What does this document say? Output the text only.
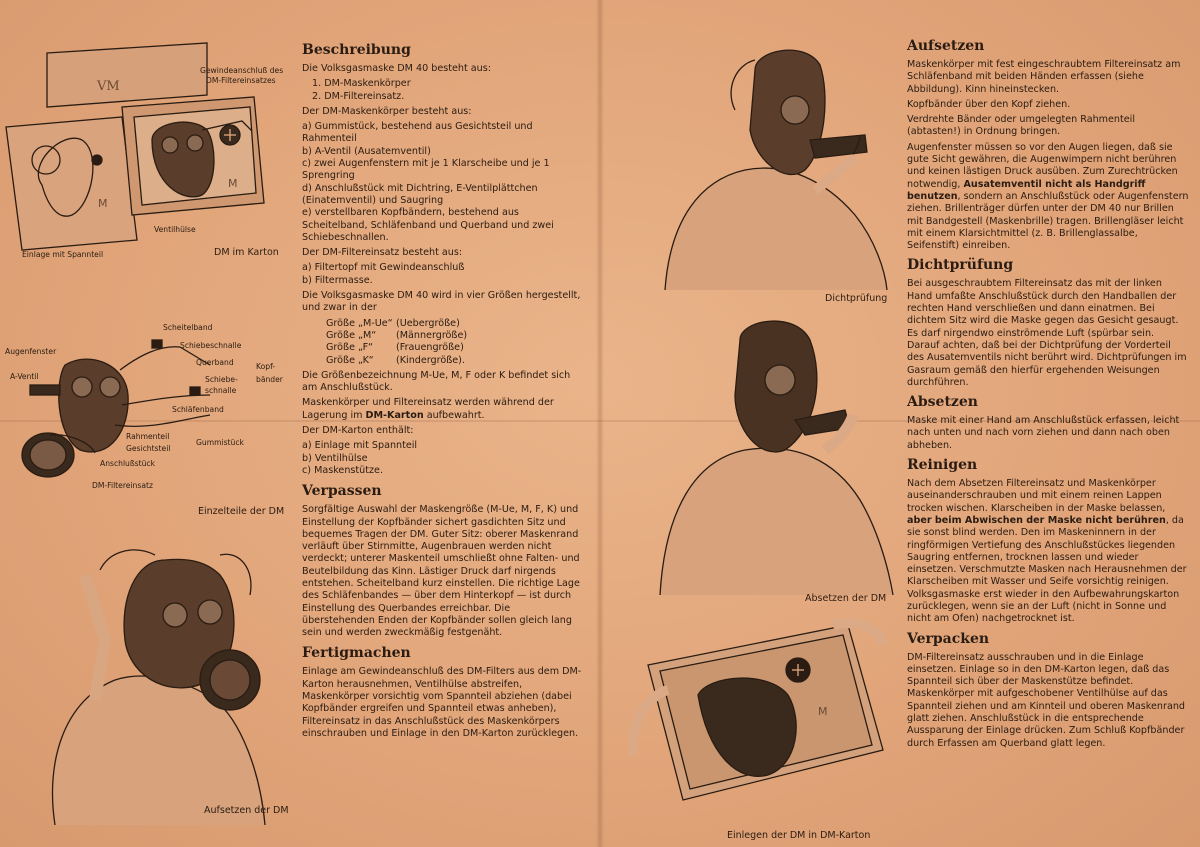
VM
M
M
Gewindeanschluß des
DM-Filtereinsatzes
Ventilhülse
Einlage mit Spannteil	DM im Karton
Scheitelband
Schiebeschnalle
Querband
Schiebe-
schnalle
Schläfenband
Kopf-
bänder
Augenfenster
A-Ventil
Rahmenteil
Gesichtsteil
Gummistück
Anschlußstück
DM-Filtereinsatz
Einzelteile der DM
Aufsetzen der DM
Beschreibung

Die Volksgasmaske DM 40 besteht aus:

1. DM-Maskenkörper

2. DM-Filtereinsatz.

Der DM-Maskenkörper besteht aus:

a) Gummistück, bestehend aus Gesichtsteil und Rahmenteil

b) A-Ventil (Ausatemventil)

c) zwei Augenfenstern mit je 1 Klarscheibe und je 1 Sprengring

d) Anschlußstück mit Dichtring, E-Ventilplättchen (Einatemventil) und Saugring

e) verstellbaren Kopfbändern, bestehend aus Scheitelband, Schläfenband und Querband und zwei Schiebeschnallen.

Der DM-Filtereinsatz besteht aus:

a) Filtertopf mit Gewindeanschluß

b) Filtermasse.

Die Volksgasmaske DM 40 wird in vier Größen hergestellt, und zwar in der

Größe „M-Ue“ (Uebergröße)
Größe „M“	(Männergröße)
Größe „F“	(Frauengröße)
Größe „K“	(Kindergröße).

Die Größenbezeichnung M-Ue, M, F oder K befindet sich am Anschlußstück.

Maskenkörper und Filtereinsatz werden während der Lagerung im DM-Karton aufbewahrt.

Der DM-Karton enthält:

a) Einlage mit Spannteil

b) Ventilhülse

c) Maskenstütze.

Verpassen

Sorgfältige Auswahl der Maskengröße (M-Ue, M, F, K) und Einstellung der Kopfbänder sichert gasdichten Sitz und bequemes Tragen der DM. Guter Sitz: oberer Maskenrand verläuft über Stirnmitte, Augenbrauen werden nicht verdeckt; unterer Maskenteil umschließt ohne Falten- und Beutelbildung das Kinn. Lästiger Druck darf nirgends entstehen. Scheitelband kurz einstellen. Die richtige Lage des Schläfenbandes — über dem Hinterkopf — ist durch Einstellung des Querbandes erreichbar. Die überstehenden Enden der Kopfbänder sollen gleich lang sein und werden zweckmäßig festgenäht.

Fertigmachen

Einlage am Gewindeanschluß des DM-Filters aus dem DM-Karton herausnehmen, Ventilhülse abstreifen, Maskenkörper vorsichtig vom Spannteil abziehen (dabei Kopfbänder ergreifen und Spannteil etwas anheben), Filtereinsatz in das Anschlußstück des Maskenkörpers einschrauben und Einlage in den DM-Karton zurücklegen.

Dichtprüfung
Absetzen der DM
M
Einlegen der DM in DM-Karton
Aufsetzen

Maskenkörper mit fest eingeschraubtem Filtereinsatz am Schläfenband mit beiden Händen erfassen (siehe Abbildung). Kinn hineinstecken.

Kopfbänder über den Kopf ziehen.

Verdrehte Bänder oder umgelegten Rahmenteil (abtasten!) in Ordnung bringen.

Augenfenster müssen so vor den Augen liegen, daß sie gute Sicht gewähren, die Augenwimpern nicht berühren und keinen lästigen Druck ausüben. Zum Zurechtrücken notwendig, Ausatemventil nicht als Handgriff benutzen, sondern an Anschlußstück oder Augenfenstern ziehen. Brillenträger dürfen unter der DM 40 nur Brillen mit Bandgestell (Maskenbrille) tragen. Brillengläser leicht mit einem Klarsichtmittel (z. B. Brillenglassalbe, Seifenstift) einreiben.

Dichtprüfung

Bei ausgeschraubtem Filtereinsatz das mit der linken Hand umfaßte Anschlußstück durch den Handballen der rechten Hand verschließen und dann einatmen. Bei dichtem Sitz wird die Maske gegen das Gesicht gesaugt. Es darf nirgendwo einströmende Luft (spürbar sein. Darauf achten, daß bei der Dichtprüfung der Vorderteil des Ausatemventils nicht berührt wird. Dichtprüfungen im Gasraum gemäß den hierfür ergehenden Weisungen durchführen.

Absetzen

Maske mit einer Hand am Anschlußstück erfassen, leicht nach unten und nach vorn ziehen und dann nach oben abheben.

Reinigen

Nach dem Absetzen Filtereinsatz und Maskenkörper auseinanderschrauben und mit einem reinen Lappen trocken wischen. Klarscheiben in der Maske belassen, aber beim Abwischen der Maske nicht berühren, da sie sonst blind werden. Den im Maskeninnern in der ringförmigen Vertiefung des Anschlußstückes liegenden Saugring entfernen, trocknen lassen und wieder einsetzen. Verschmutzte Masken nach Herausnehmen der Klarscheiben mit Wasser und Seife vorsichtig reinigen. Volksgasmaske erst wieder in den Aufbewahrungskarton zurücklegen, wenn sie an der Luft (nicht in Sonne und nicht am Ofen) nachgetrocknet ist.

Verpacken

DM-Filtereinsatz ausschrauben und in die Einlage einsetzen. Einlage so in den DM-Karton legen, daß das Spannteil sich über der Maskenstütze befindet. Maskenkörper mit aufgeschobener Ventilhülse auf das Spannteil ziehen und am Kinnteil und oberen Maskenrand glatt ziehen. Anschlußstück in die entsprechende Aussparung der Einlage drücken. Zum Schluß Kopfbänder durch Erfassen am Querband glatt legen.
